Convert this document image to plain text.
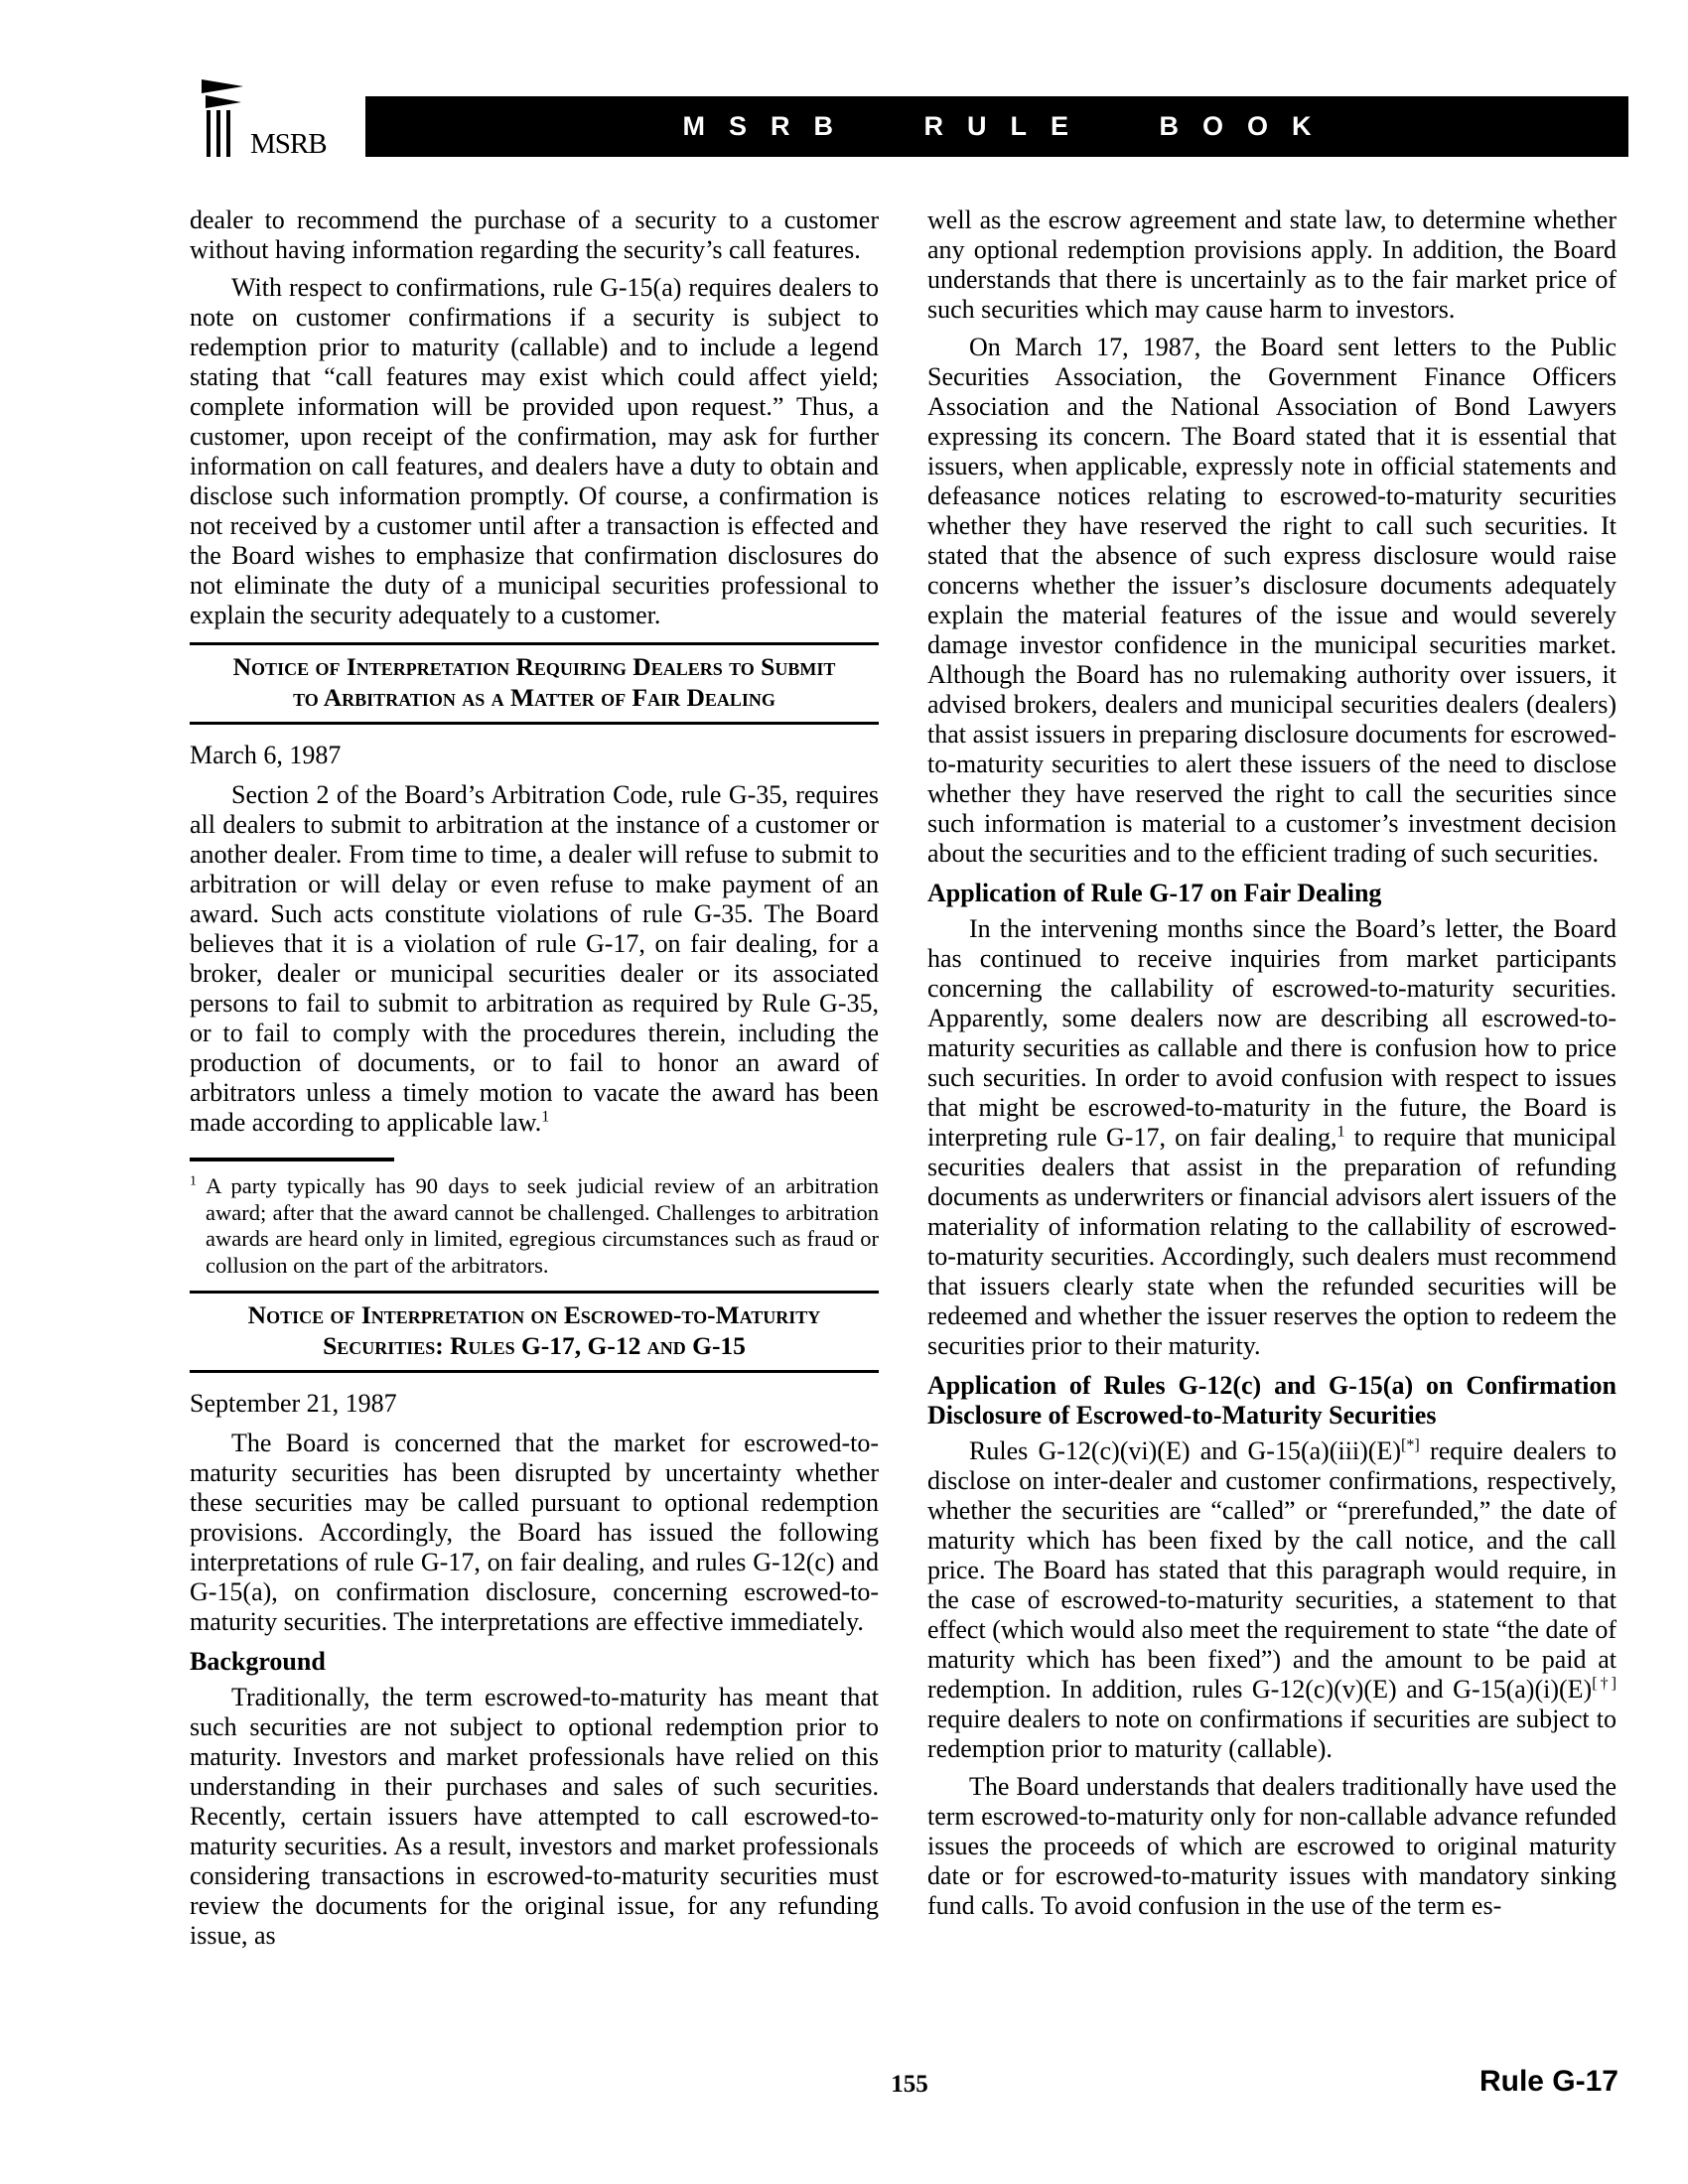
MSRB
MSRB RULE BOOK

dealer to recommend the purchase of a security to a customer without having information regarding the security’s call features.

With respect to confirmations, rule G-15(a) requires dealers to note on customer confirmations if a security is subject to redemption prior to maturity (callable) and to include a legend stating that “call features may exist which could affect yield; complete information will be provided upon request.” Thus, a customer, upon receipt of the confirmation, may ask for further information on call features, and dealers have a duty to obtain and disclose such information promptly. Of course, a confirmation is not received by a customer until after a transaction is effected and the Board wishes to emphasize that confirmation disclosures do not eliminate the duty of a municipal securities professional to explain the security adequately to a customer.

Notice of Interpretation Requiring Dealers to Submit
to Arbitration as a Matter of Fair Dealing

March 6, 1987

Section 2 of the Board’s Arbitration Code, rule G-35, requires all dealers to submit to arbitration at the instance of a customer or another dealer. From time to time, a dealer will refuse to submit to arbitration or will delay or even refuse to make payment of an award. Such acts constitute violations of rule G-35. The Board believes that it is a violation of rule G-17, on fair dealing, for a broker, dealer or municipal securities dealer or its associated persons to fail to submit to arbitration as required by Rule G-35, or to fail to comply with the procedures therein, including the production of documents, or to fail to honor an award of arbitrators unless a timely motion to vacate the award has been made according to applicable law.$^1$

$^1$ A party typically has 90 days to seek judicial review of an arbitration award; after that the award cannot be challenged. Challenges to arbitration awards are heard only in limited, egregious circumstances such as fraud or collusion on the part of the arbitrators.

Notice of Interpretation on Escrowed-to-Maturity
Securities: Rules G-17, G-12 and G-15

September 21, 1987

The Board is concerned that the market for escrowed-to-maturity securities has been disrupted by uncertainty whether these securities may be called pursuant to optional redemption provisions. Accordingly, the Board has issued the following interpretations of rule G-17, on fair dealing, and rules G-12(c) and G-15(a), on confirmation disclosure, concerning escrowed-to-maturity securities. The interpretations are effective immediately.

Background

Traditionally, the term escrowed-to-maturity has meant that such securities are not subject to optional redemption prior to maturity. Investors and market professionals have relied on this understanding in their purchases and sales of such securities. Recently, certain issuers have attempted to call escrowed-to-maturity securities. As a result, investors and market professionals considering transactions in escrowed-to-maturity securities must review the documents for the original issue, for any refunding issue, as

well as the escrow agreement and state law, to determine whether any optional redemption provisions apply. In addition, the Board understands that there is uncertainly as to the fair market price of such securities which may cause harm to investors.

On March 17, 1987, the Board sent letters to the Public Securities Association, the Government Finance Officers Association and the National Association of Bond Lawyers expressing its concern. The Board stated that it is essential that issuers, when applicable, expressly note in official statements and defeasance notices relating to escrowed-to-maturity securities whether they have reserved the right to call such securities. It stated that the absence of such express disclosure would raise concerns whether the issuer’s disclosure documents adequately explain the material features of the issue and would severely damage investor confidence in the municipal securities market. Although the Board has no rulemaking authority over issuers, it advised brokers, dealers and municipal securities dealers (dealers) that assist issuers in preparing disclosure documents for escrowed-to-maturity securities to alert these issuers of the need to disclose whether they have reserved the right to call the securities since such information is material to a customer’s investment decision about the securities and to the efficient trading of such securities.

Application of Rule G-17 on Fair Dealing

In the intervening months since the Board’s letter, the Board has continued to receive inquiries from market participants concerning the callability of escrowed-to-maturity securities. Apparently, some dealers now are describing all escrowed-to-maturity securities as callable and there is confusion how to price such securities. In order to avoid confusion with respect to issues that might be escrowed-to-maturity in the future, the Board is interpreting rule G-17, on fair dealing,$^1$ to require that municipal securities dealers that assist in the preparation of refunding documents as underwriters or financial advisors alert issuers of the materiality of information relating to the callability of escrowed-to-maturity securities. Accordingly, such dealers must recommend that issuers clearly state when the refunded securities will be redeemed and whether the issuer reserves the option to redeem the securities prior to their maturity.

Application of Rules G-12(c) and G-15(a) on Confirmation Disclosure of Escrowed-to-Maturity Securities

Rules G-12(c)(vi)(E) and G-15(a)(iii)(E)[*] require dealers to disclose on inter-dealer and customer confirmations, respectively, whether the securities are “called” or “prerefunded,” the date of maturity which has been fixed by the call notice, and the call price. The Board has stated that this paragraph would require, in the case of escrowed-to-maturity securities, a statement to that effect (which would also meet the requirement to state “the date of maturity which has been fixed”) and the amount to be paid at redemption. In addition, rules G-12(c)(v)(E) and G-15(a)(i)(E)[†] require dealers to note on confirmations if securities are subject to redemption prior to maturity (callable).

The Board understands that dealers traditionally have used the term escrowed-to-maturity only for non-callable advance refunded issues the proceeds of which are escrowed to original maturity date or for escrowed-to-maturity issues with mandatory sinking fund calls. To avoid confusion in the use of the term es-

155	Rule G-17
